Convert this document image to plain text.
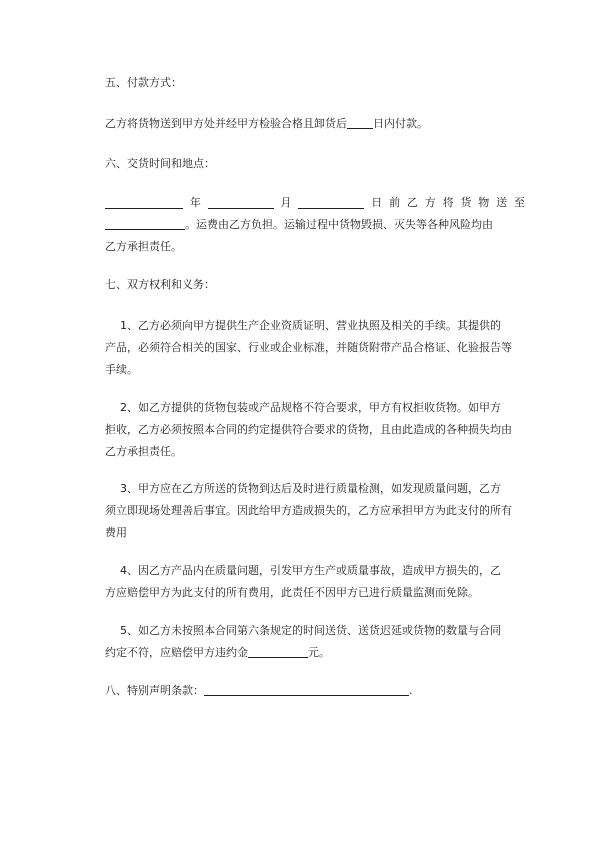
五、付款方式：
乙方将货物送到甲方处并经甲方检验合格且卸货后 日内付款。
六、交货时间和地点：
年	月	日 前 乙 方 将 货 物 送 至
。运费由乙方负担。运输过程中货物毁损、灭失等各种风险均由
乙方承担责任。
七、双方权利和义务：
1、乙方必须向甲方提供生产企业资质证明、营业执照及相关的手续。其提供的
产品，必须符合相关的国家、行业或企业标准，并随货附带产品合格证、化验报告等
手续。
2、如乙方提供的货物包装或产品规格不符合要求，甲方有权拒收货物。如甲方
拒收，乙方必须按照本合同的约定提供符合要求的货物，且由此造成的各种损失均由
乙方承担责任。
3、甲方应在乙方所送的货物到达后及时进行质量检测，如发现质量问题，乙方
须立即现场处理善后事宜。因此给甲方造成损失的，乙方应承担甲方为此支付的所有
费用
4、因乙方产品内在质量问题，引发甲方生产或质量事故，造成甲方损失的，乙
方应赔偿甲方为此支付的所有费用，此责任不因甲方已进行质量监测而免除。
5、如乙方未按照本合同第六条规定的时间送货、送货迟延或货物的数量与合同
约定不符，应赔偿甲方违约金	元。
八、特别声明条款：	.
